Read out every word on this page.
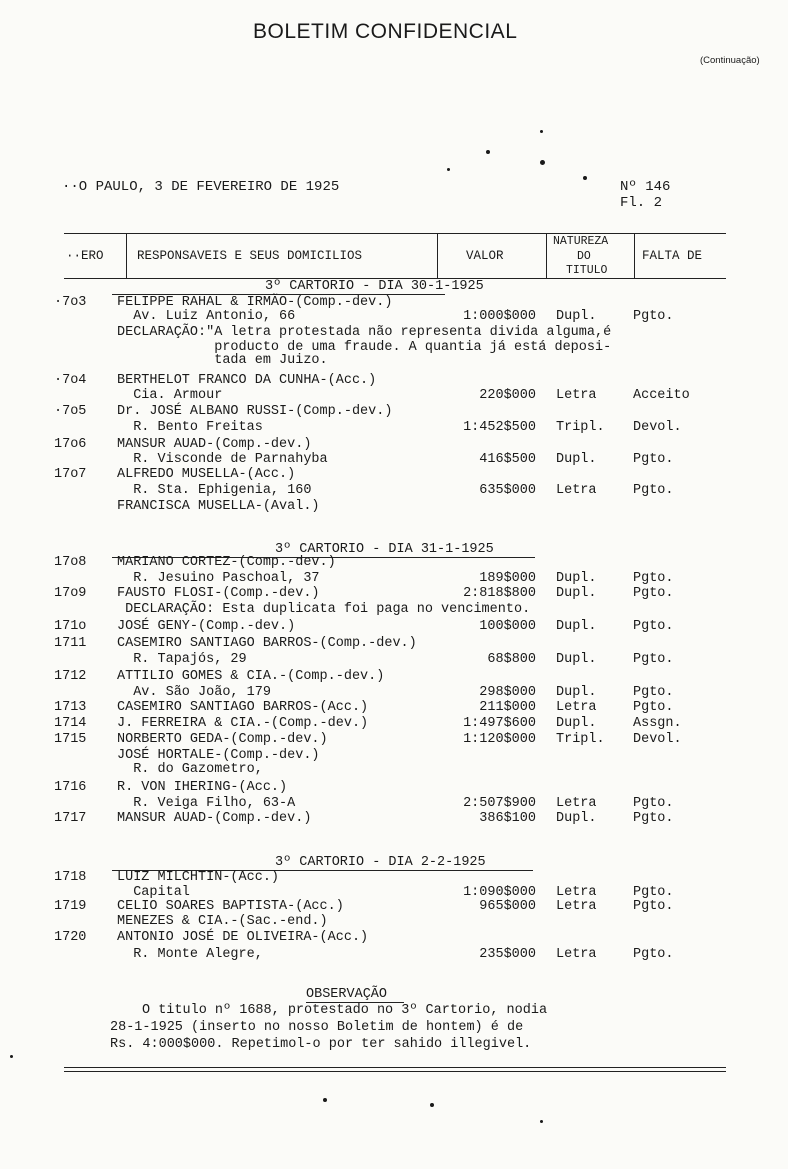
BOLETIM CONFIDENCIAL
(Continuação)
··O PAULO, 3 DE FEVEREIRO DE 1925	Nº 146
Fl. 2
··ERO	RESPONSAVEIS E SEUS DOMICILIOS	VALOR
NATUREZA
DO
TITULO
FALTA DE
3º CARTORIO - DIA 30-1-1925
3º CARTORIO - DIA 31-1-1925
3º CARTORIO - DIA 2-2-1925
·7o3 FELIPPE RAHAL & IRMÃO-(Comp.-dev.)
Av. Luiz Antonio, 66	1:000$000 Dupl.	Pgto.
DECLARAÇÃO:"A letra protestada não representa divida alguma,é
producto de uma fraude. A quantia já está deposi-
tada em Juizo.
·7o4 BERTHELOT FRANCO DA CUNHA-(Acc.)
Cia. Armour	220$000 Letra	Acceito
·7o5 Dr. JOSÉ ALBANO RUSSI-(Comp.-dev.)
R. Bento Freitas	1:452$500 Tripl. Devol.
17o6 MANSUR AUAD-(Comp.-dev.)
R. Visconde de Parnahyba	416$500 Dupl.	Pgto.
17o7 ALFREDO MUSELLA-(Acc.)
R. Sta. Ephigenia, 160	635$000 Letra	Pgto.
FRANCISCA MUSELLA-(Aval.)
17o8 MARIANO CORTEZ-(Comp.-dev.)
R. Jesuino Paschoal, 37	189$000 Dupl.	Pgto.
17o9 FAUSTO FLOSI-(Comp.-dev.)	2:818$800 Dupl.	Pgto.
DECLARAÇÃO: Esta duplicata foi paga no vencimento.
171o JOSÉ GENY-(Comp.-dev.)	100$000 Dupl.	Pgto.
1711 CASEMIRO SANTIAGO BARROS-(Comp.-dev.)
R. Tapajós, 29	68$800 Dupl.	Pgto.
1712 ATTILIO GOMES & CIA.-(Comp.-dev.)
Av. São João, 179	298$000 Dupl.	Pgto.
1713 CASEMIRO SANTIAGO BARROS-(Acc.)	211$000 Letra	Pgto.
1714 J. FERREIRA & CIA.-(Comp.-dev.)	1:497$600 Dupl.	Assgn.
1715 NORBERTO GEDA-(Comp.-dev.)	1:120$000 Tripl. Devol.
JOSÉ HORTALE-(Comp.-dev.)
R. do Gazometro,
1716 R. VON IHERING-(Acc.)
R. Veiga Filho, 63-A	2:507$900 Letra	Pgto.
1717 MANSUR AUAD-(Comp.-dev.)	386$100 Dupl.	Pgto.
1718 LUIZ MILCHTIN-(Acc.)
Capital	1:090$000 Letra	Pgto.
1719 CELIO SOARES BAPTISTA-(Acc.)	965$000 Letra	Pgto.
MENEZES & CIA.-(Sac.-end.)
1720 ANTONIO JOSÉ DE OLIVEIRA-(Acc.)
R. Monte Alegre,	235$000 Letra	Pgto.
OBSERVAÇÃO
O titulo nº 1688, protestado no 3º Cartorio, nodia
28-1-1925 (inserto no nosso Boletim de hontem) é de
Rs. 4:000$000. Repetimol-o por ter sahido illegivel.
